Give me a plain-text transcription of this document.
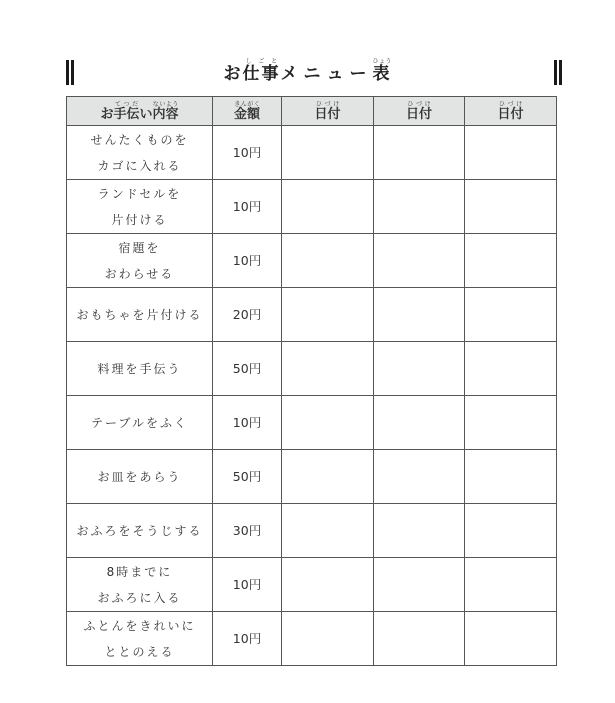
お仕事しごとメニュー表ひょう
お手伝てつだい内容ないよう	金額きんがく	日付ひづけ	日付ひづけ	日付ひづけ

せんたくものを
カゴに入れる	10円			

ランドセルを
片付ける	10円			

宿題を
おわらせる	10円			

おもちゃを片付ける	20円			

料理を手伝う	50円			

テーブルをふく	10円			

お皿をあらう	50円			

おふろをそうじする	30円			

8時までに
おふろに入る	10円			

ふとんをきれいに
ととのえる	10円			
